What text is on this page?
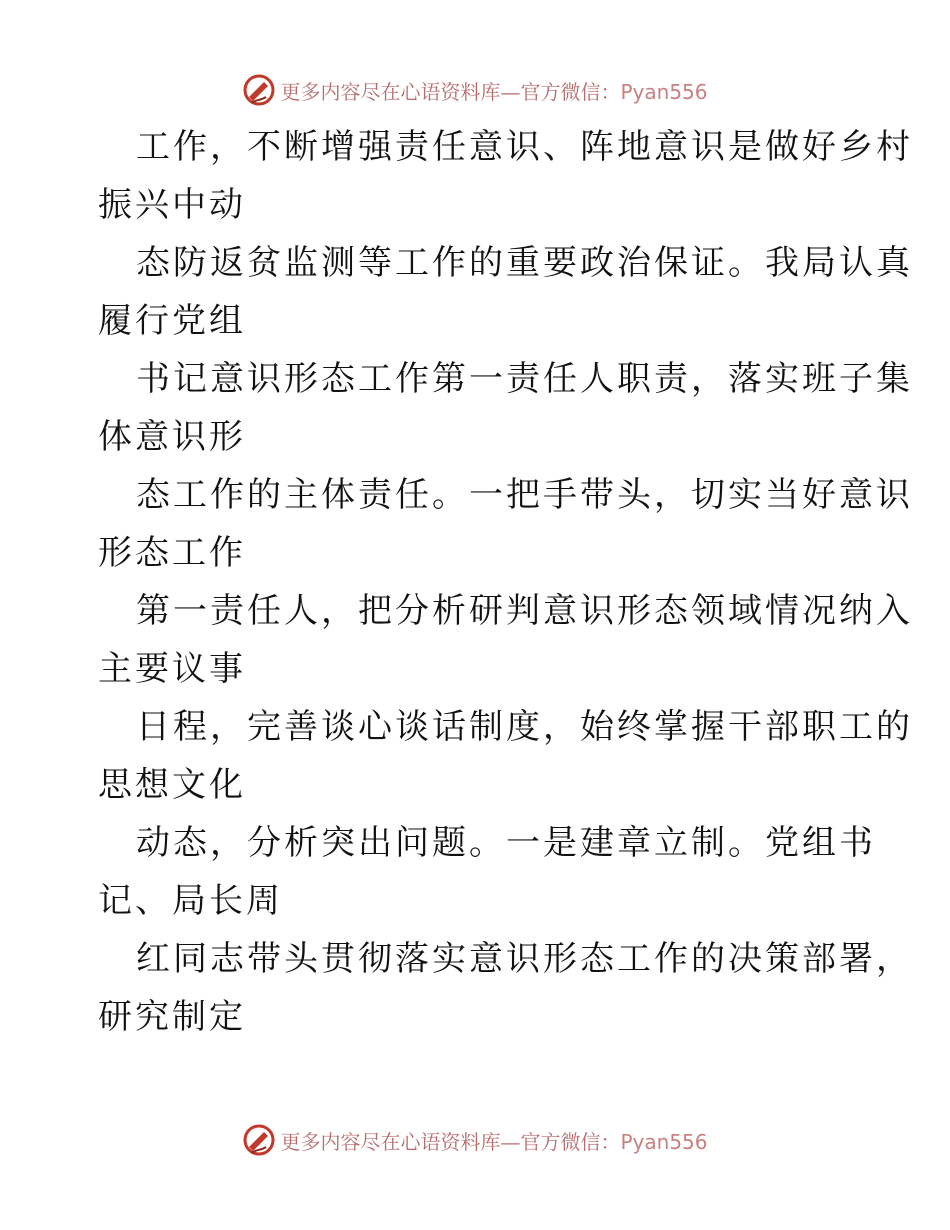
更多内容尽在心语资料库—官方微信：Pyan556

工作，不断增强责任意识、阵地意识是做好乡村
振兴中动

态防返贫监测等工作的重要政治保证。我局认真
履行党组

书记意识形态工作第一责任人职责，落实班子集
体意识形

态工作的主体责任。一把手带头，切实当好意识
形态工作

第一责任人，把分析研判意识形态领域情况纳入
主要议事

日程，完善谈心谈话制度，始终掌握干部职工的
思想文化

动态，分析突出问题。一是建章立制。党组书
记、局长周

红同志带头贯彻落实意识形态工作的决策部署，
研究制定

更多内容尽在心语资料库—官方微信：Pyan556
